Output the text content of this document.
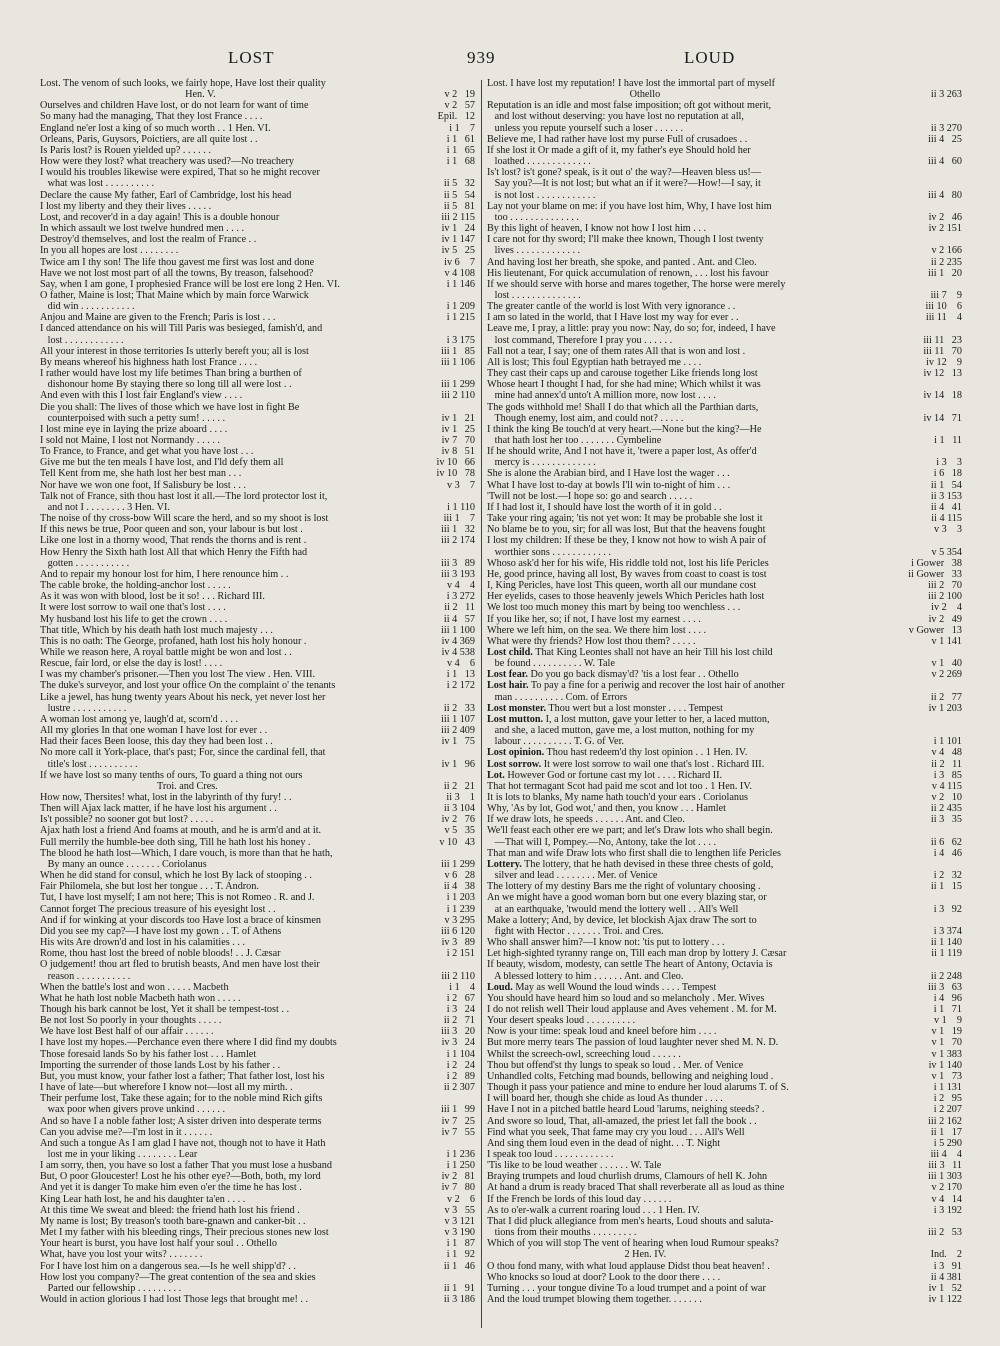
LOST	939	LOUD
Lost. The venom of such looks, we fairly hope, Have lost their quality
Hen. V.	v 2   19
Ourselves and children Have lost, or do not learn for want of time	v 2   57
So many had the managing, That they lost France . . . .	Epil.   12
England ne'er lost a king of so much worth . . 1 Hen. VI.	i 1    7
Orleans, Paris, Guysors, Poictiers, are all quite lost . .	i 1   61
Is Paris lost? is Rouen yielded up? . . . . . .	i 1   65
How were they lost? what treachery was used?—No treachery	i 1   68
I would his troubles likewise were expired, That so he might recover
what was lost . . . . . . . . . .	ii 5   32
Declare the cause My father, Earl of Cambridge, lost his head	ii 5   54
I lost my liberty and they their lives . . . . .	ii 5   81
Lost, and recover'd in a day again! This is a double honour	iii 2 115
In which assault we lost twelve hundred men . . . .	iv 1   24
Destroy'd themselves, and lost the realm of France . .	iv 1 147
In you all hopes are lost . . . . . . . .	iv 5   25
Twice am I thy son! The life thou gavest me first was lost and done	iv 6    7
Have we not lost most part of all the towns, By treason, falsehood?	v 4 108
Say, when I am gone, I prophesied France will be lost ere long 2 Hen. VI.	i 1 146
O father, Maine is lost; That Maine which by main force Warwick
did win . . . . . . . . . . .	i 1 209
Anjou and Maine are given to the French; Paris is lost . . .	i 1 215
I danced attendance on his will Till Paris was besieged, famish'd, and
lost . . . . . . . . . . . .	i 3 175
All your interest in those territories Is utterly bereft you; all is lost	iii 1   85
By means whereof his highness hath lost France . . . .	iii 1 106
I rather would have lost my life betimes Than bring a burthen of
dishonour home By staying there so long till all were lost . .	iii 1 299
And even with this I lost fair England's view . . . .	iii 2 110
Die you shall: The lives of those which we have lost in fight Be
counterpoised with such a petty sum! . . . . .	iv 1   21
I lost mine eye in laying the prize aboard . . . .	iv 1   25
I sold not Maine, I lost not Normandy . . . . .	iv 7   70
To France, to France, and get what you have lost . . .	iv 8   51
Give me but the ten meals I have lost, and I'ld defy them all	iv 10   66
Tell Kent from me, she hath lost her best man . . .	iv 10   78
Nor have we won one foot, If Salisbury be lost . . .	v 3    7
Talk not of France, sith thou hast lost it all.—The lord protector lost it,
and not I . . . . . . . . 3 Hen. VI.	i 1 110
The noise of thy cross-bow Will scare the herd, and so my shoot is lost	iii 1    7
If this news be true, Poor queen and son, your labour is but lost .	iii 1   32
Like one lost in a thorny wood, That rends the thorns and is rent .	iii 2 174
How Henry the Sixth hath lost All that which Henry the Fifth had
gotten . . . . . . . . . . .	iii 3   89
And to repair my honour lost for him, I here renounce him . .	iii 3 193
The cable broke, the holding-anchor lost . . . . .	v 4    4
As it was won with blood, lost be it so! . . . Richard III.	i 3 272
It were lost sorrow to wail one that's lost . . . .	ii 2   11
My husband lost his life to get the crown . . . .	ii 4   57
That title, Which by his death hath lost much majesty . . .	iii 1 100
This is no oath: The George, profaned, hath lost his holy honour .	iv 4 369
While we reason here, A royal battle might be won and lost . .	iv 4 538
Rescue, fair lord, or else the day is lost! . . . .	v 4    6
I was my chamber's prisoner.—Then you lost The view . Hen. VIII.	i 1   13
The duke's surveyor, and lost your office On the complaint o' the tenants	i 2 172
Like a jewel, has hung twenty years About his neck, yet never lost her
lustre . . . . . . . . . . .	ii 2   33
A woman lost among ye, laugh'd at, scorn'd . . . .	iii 1 107
All my glories In that one woman I have lost for ever . .	iii 2 409
Had their faces Been loose, this day they had been lost . .	iv 1   75
No more call it York-place, that's past; For, since the cardinal fell, that
title's lost . . . . . . . . . .	iv 1   96
If we have lost so many tenths of ours, To guard a thing not ours
Troi. and Cres.	ii 2   21
How now, Thersites! what, lost in the labyrinth of thy fury! . .	ii 3    1
Then will Ajax lack matter, if he have lost his argument . .	ii 3 104
Is't possible? no sooner got but lost? . . . . .	iv 2   76
Ajax hath lost a friend And foams at mouth, and he is arm'd and at it.	v 5   35
Full merrily the humble-bee doth sing, Till he hath lost his honey .	v 10   43
The blood he hath lost—Which, I dare vouch, is more than that he hath,
By many an ounce . . . . . . . Coriolanus	iii 1 299
When he did stand for consul, which he lost By lack of stooping . .	v 6   28
Fair Philomela, she but lost her tongue . . . T. Andron.	ii 4   38
Tut, I have lost myself; I am not here; This is not Romeo . R. and J.	i 1 203
Cannot forget The precious treasure of his eyesight lost . .	i 1 239
And if for winking at your discords too Have lost a brace of kinsmen	v 3 295
Did you see my cap?—I have lost my gown . . T. of Athens	iii 6 120
His wits Are drown'd and lost in his calamities . . .	iv 3   89
Rome, thou hast lost the breed of noble bloods! . . J. Cæsar	i 2 151
O judgement! thou art fled to brutish beasts, And men have lost their
reason . . . . . . . . . . .	iii 2 110
When the battle's lost and won . . . . . Macbeth	i 1    4
What he hath lost noble Macbeth hath won . . . . .	i 2   67
Though his bark cannot be lost, Yet it shall be tempest-tost . .	i 3   24
Be not lost So poorly in your thoughts . . . . .	ii 2   71
We have lost Best half of our affair . . . . . .	iii 3   20
I have lost my hopes.—Perchance even there where I did find my doubts	iv 3   24
Those foresaid lands So by his father lost . . . Hamlet	i 1 104
Importing the surrender of those lands Lost by his father . .	i 2   24
But, you must know, your father lost a father; That father lost, lost his	i 2   89
I have of late—but wherefore I know not—lost all my mirth. .	ii 2 307
Their perfume lost, Take these again; for to the noble mind Rich gifts
wax poor when givers prove unkind . . . . . .	iii 1   99
And so have I a noble father lost; A sister driven into desperate terms	iv 7   25
Can you advise me?—I'm lost in it . . . . . .	iv 7   55
And such a tongue As I am glad I have not, though not to have it Hath
lost me in your liking . . . . . . . . Lear	i 1 236
I am sorry, then, you have so lost a father That you must lose a husband	i 1 250
But, O poor Gloucester! Lost he his other eye?—Both, both, my lord	iv 2   81
And yet it is danger To make him even o'er the time he has lost .	iv 7   80
King Lear hath lost, he and his daughter ta'en . . . .	v 2    6
At this time We sweat and bleed: the friend hath lost his friend .	v 3   55
My name is lost; By treason's tooth bare-gnawn and canker-bit . .	v 3 121
Met I my father with his bleeding rings, Their precious stones new lost	v 3 190
Your heart is burst, you have lost half your soul . . Othello	i 1   87
What, have you lost your wits? . . . . . . .	i 1   92
For I have lost him on a dangerous sea.—Is he well shipp'd? . .	ii 1   46
How lost you company?—The great contention of the sea and skies
Parted our fellowship . . . . . . . . .	ii 1   91
Would in action glorious I had lost Those legs that brought me! . .	ii 3 186
Lost. I have lost my reputation! I have lost the immortal part of myself
Othello	ii 3 263
Reputation is an idle and most false imposition; oft got without merit,
and lost without deserving: you have lost no reputation at all,
unless you repute yourself such a loser . . . . . .	ii 3 270
Believe me, I had rather have lost my purse Full of crusadoes . .	iii 4   25
If she lost it Or made a gift of it, my father's eye Should hold her
loathed . . . . . . . . . . . . .	iii 4   60
Is't lost? is't gone? speak, is it out o' the way?—Heaven bless us!—
Say you?—It is not lost; but what an if it were?—How!—I say, it
is not lost . . . . . . . . . . . .	iii 4   80
Lay not your blame on me: if you have lost him, Why, I have lost him
too . . . . . . . . . . . . . .	iv 2   46
By this light of heaven, I know not how I lost him . . .	iv 2 151
I care not for thy sword; I'll make thee known, Though I lost twenty
lives . . . . . . . . . . . . .	v 2 166
And having lost her breath, she spoke, and panted . Ant. and Cleo.	ii 2 235
His lieutenant, For quick accumulation of renown, . . . lost his favour	iii 1   20
If we should serve with horse and mares together, The horse were merely
lost . . . . . . . . . . . . . .	iii 7    9
The greater cantle of the world is lost With very ignorance . .	iii 10    6
I am so lated in the world, that I Have lost my way for ever . .	iii 11    4
Leave me, I pray, a little: pray you now: Nay, do so; for, indeed, I have
lost command, Therefore I pray you . . . . . .	iii 11   23
Fall not a tear, I say; one of them rates All that is won and lost .	iii 11   70
All is lost; This foul Egyptian hath betrayed me . . . .	iv 12    9
They cast their caps up and carouse together Like friends long lost	iv 12   13
Whose heart I thought I had, for she had mine; Which whilst it was
mine had annex'd unto't A million more, now lost . . . .	iv 14   18
The gods withhold me! Shall I do that which all the Parthian darts,
Though enemy, lost aim, and could not? . . . . .	iv 14   71
I think the king Be touch'd at very heart.—None but the king?—He
that hath lost her too . . . . . . . Cymbeline	i 1   11
If he should write, And I not have it, 'twere a paper lost, As offer'd
mercy is . . . . . . . . . . . . .	i 3    3
She is alone the Arabian bird, and I Have lost the wager . . .	i 6   18
What I have lost to-day at bowls I'll win to-night of him . . .	ii 1   54
'Twill not be lost.—I hope so: go and search . . . . .	ii 3 153
If I had lost it, I should have lost the worth of it in gold . .	ii 4   41
Take your ring again; 'tis not yet won: It may be probable she lost it	ii 4 115
No blame be to you, sir; for all was lost, But that the heavens fought	v 3    3
I lost my children: If these be they, I know not how to wish A pair of
worthier sons . . . . . . . . . . . .	v 5 354
Whoso ask'd her for his wife, His riddle told not, lost his life Pericles	i Gower   38
He, good prince, having all lost, By waves from coast to coast is tost	ii Gower   33
I, King Pericles, have lost This queen, worth all our mundane cost	iii 2   70
Her eyelids, cases to those heavenly jewels Which Pericles hath lost	iii 2 100
We lost too much money this mart by being too wenchless . . .	iv 2    4
If you like her, so; if not, I have lost my earnest . . . .	iv 2   49
Where we left him, on the sea. We there him lost . . . .	v Gower   13
What were thy friends? How lost thou them? . . . . .	v 1 141
Lost child. That King Leontes shall not have an heir Till his lost child
be found . . . . . . . . . . W. Tale	v 1   40
Lost fear. Do you go back dismay'd? 'tis a lost fear . . Othello	v 2 269
Lost hair. To pay a fine for a periwig and recover the lost hair of another
man . . . . . . . . . . Com. of Errors	ii 2   77
Lost monster. Thou wert but a lost monster . . . . Tempest	iv 1 203
Lost mutton. I, a lost mutton, gave your letter to her, a laced mutton,
and she, a laced mutton, gave me, a lost mutton, nothing for my
labour . . . . . . . . . . T. G. of Ver.	i 1 101
Lost opinion. Thou hast redeem'd thy lost opinion . . 1 Hen. IV.	v 4   48
Lost sorrow. It were lost sorrow to wail one that's lost . Richard III.	ii 2   11
Lot. However God or fortune cast my lot . . . . Richard II.	i 3   85
That hot termagant Scot had paid me scot and lot too . 1 Hen. IV.	v 4 115
It is lots to blanks, My name hath touch'd your ears . Coriolanus	v 2   10
Why, 'As by lot, God wot,' and then, you know . . . Hamlet	ii 2 435
If we draw lots, he speeds . . . . . . Ant. and Cleo.	ii 3   35
We'll feast each other ere we part; and let's Draw lots who shall begin.
—That will I, Pompey.—No, Antony, take the lot . . . .	ii 6   62
That man and wife Draw lots who first shall die to lengthen life Pericles	i 4   46
Lottery. The lottery, that he hath devised in these three chests of gold,
silver and lead . . . . . . . . Mer. of Venice	i 2   32
The lottery of my destiny Bars me the right of voluntary choosing .	ii 1   15
An we might have a good woman born but one every blazing star, or
at an earthquake, 'twould mend the lottery well . . All's Well	i 3   92
Make a lottery; And, by device, let blockish Ajax draw The sort to
fight with Hector . . . . . . . Troi. and Cres.	i 3 374
Who shall answer him?—I know not: 'tis put to lottery . . .	ii 1 140
Let high-sighted tyranny range on, Till each man drop by lottery J. Cæsar	ii 1 119
If beauty, wisdom, modesty, can settle The heart of Antony, Octavia is
A blessed lottery to him . . . . . . Ant. and Cleo.	ii 2 248
Loud. May as well Wound the loud winds . . . . Tempest	iii 3   63
You should have heard him so loud and so melancholy . Mer. Wives	i 4   96
I do not relish well Their loud applause and Aves vehement . M. for M.	i 1   71
Your desert speaks loud . . . . . . . . . .	v 1    9
Now is your time: speak loud and kneel before him . . . .	v 1   19
But more merry tears The passion of loud laughter never shed M. N. D.	v 1   70
Whilst the screech-owl, screeching loud . . . . . .	v 1 383
Thou but offend'st thy lungs to speak so loud . . Mer. of Venice	iv 1 140
Unhandled colts, Fetching mad bounds, bellowing and neighing loud .	v 1   73
Though it pass your patience and mine to endure her loud alarums T. of S.	i 1 131
I will board her, though she chide as loud As thunder . . . .	i 2   95
Have I not in a pitched battle heard Loud 'larums, neighing steeds? .	i 2 207
And swore so loud, That, all-amazed, the priest let fall the book . .	iii 2 162
Find what you seek, That fame may cry you loud . . . All's Well	ii 1   17
And sing them loud even in the dead of night. . . T. Night	i 5 290
I speak too loud . . . . . . . . . . . .	iii 4    4
'Tis like to be loud weather . . . . . . W. Tale	iii 3   11
Braying trumpets and loud churlish drums, Clamours of hell K. John	iii 1 303
At hand a drum is ready braced That shall reverberate all as loud as thine	v 2 170
If the French be lords of this loud day . . . . . .	v 4   14
As to o'er-walk a current roaring loud . . . 1 Hen. IV.	i 3 192
That I did pluck allegiance from men's hearts, Loud shouts and saluta-
tions from their mouths . . . . . . . . .	iii 2   53
Which of you will stop The vent of hearing when loud Rumour speaks?
2 Hen. IV.	Ind.    2
O thou fond many, with what loud applause Didst thou beat heaven! .	i 3   91
Who knocks so loud at door? Look to the door there . . . .	ii 4 381
Turning . . . your tongue divine To a loud trumpet and a point of war	iv 1   52
And the loud trumpet blowing them together. . . . . . .	iv 1 122
